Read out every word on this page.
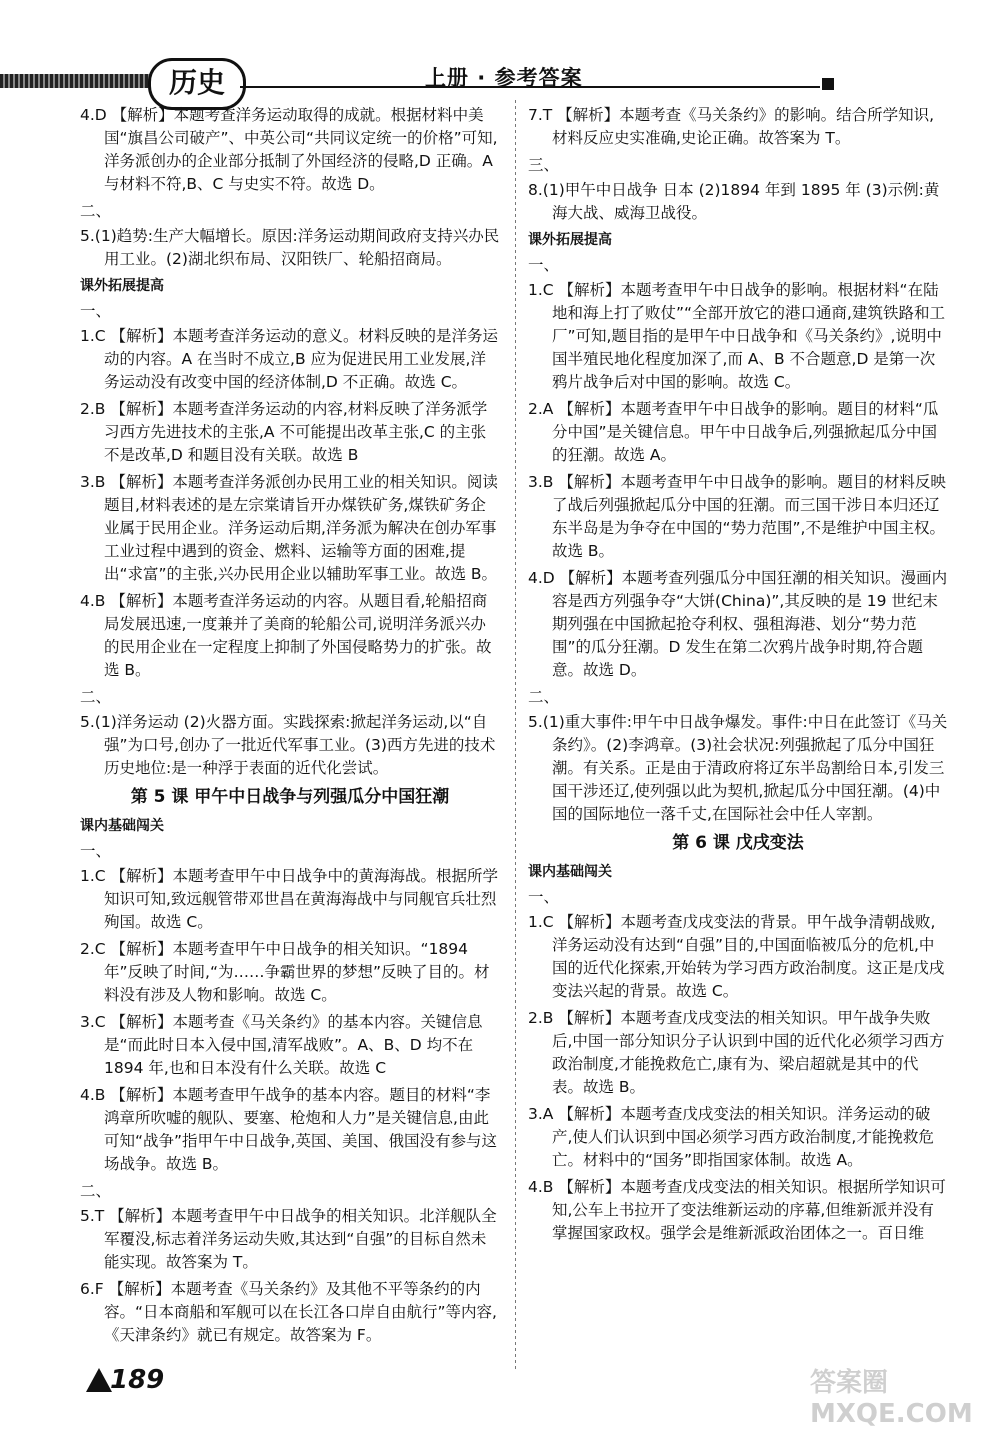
历史	上册 · 参考答案
4.D 【解析】本题考查洋务运动取得的成就。根据材料中美国“旗昌公司破产”、中英公司“共同议定统一的价格”可知,洋务派创办的企业部分抵制了外国经济的侵略,D 正确。A 与材料不符,B、C 与史实不符。故选 D。
二、
5.(1)趋势:生产大幅增长。原因:洋务运动期间政府支持兴办民用工业。(2)湖北织布局、汉阳铁厂、轮船招商局。
课外拓展提高
一、
1.C 【解析】本题考查洋务运动的意义。材料反映的是洋务运动的内容。A 在当时不成立,B 应为促进民用工业发展,洋务运动没有改变中国的经济体制,D 不正确。故选 C。
2.B 【解析】本题考查洋务运动的内容,材料反映了洋务派学习西方先进技术的主张,A 不可能提出改革主张,C 的主张不是改革,D 和题目没有关联。故选 B
3.B 【解析】本题考查洋务派创办民用工业的相关知识。阅读题目,材料表述的是左宗棠请旨开办煤铁矿务,煤铁矿务企业属于民用企业。洋务运动后期,洋务派为解决在创办军事工业过程中遇到的资金、燃料、运输等方面的困难,提出“求富”的主张,兴办民用企业以辅助军事工业。故选 B。
4.B 【解析】本题考查洋务运动的内容。从题目看,轮船招商局发展迅速,一度兼并了美商的轮船公司,说明洋务派兴办的民用企业在一定程度上抑制了外国侵略势力的扩张。故选 B。
二、
5.(1)洋务运动 (2)火器方面。实践探索:掀起洋务运动,以“自强”为口号,创办了一批近代军事工业。(3)西方先进的技术 历史地位:是一种浮于表面的近代化尝试。
第 5 课 甲午中日战争与列强瓜分中国狂潮
课内基础闯关
一、
1.C 【解析】本题考查甲午中日战争中的黄海海战。根据所学知识可知,致远舰管带邓世昌在黄海海战中与同舰官兵壮烈殉国。故选 C。
2.C 【解析】本题考查甲午中日战争的相关知识。“1894 年”反映了时间,“为……争霸世界的梦想”反映了目的。材料没有涉及人物和影响。故选 C。
3.C 【解析】本题考查《马关条约》的基本内容。关键信息是“而此时日本入侵中国,清军战败”。A、B、D 均不在 1894 年,也和日本没有什么关联。故选 C
4.B 【解析】本题考查甲午战争的基本内容。题目的材料“李鸿章所吹嘘的舰队、要塞、枪炮和人力”是关键信息,由此可知“战争”指甲午中日战争,英国、美国、俄国没有参与这场战争。故选 B。
二、
5.T 【解析】本题考查甲午中日战争的相关知识。北洋舰队全军覆没,标志着洋务运动失败,其达到“自强”的目标自然未能实现。故答案为 T。
6.F 【解析】本题考查《马关条约》及其他不平等条约的内容。“日本商船和军舰可以在长江各口岸自由航行”等内容,《天津条约》就已有规定。故答案为 F。
7.T 【解析】本题考查《马关条约》的影响。结合所学知识,材料反应史实准确,史论正确。故答案为 T。
三、
8.(1)甲午中日战争 日本 (2)1894 年到 1895 年 (3)示例:黄海大战、威海卫战役。
课外拓展提高
一、
1.C 【解析】本题考查甲午中日战争的影响。根据材料“在陆地和海上打了败仗”“全部开放它的港口通商,建筑铁路和工厂”可知,题目指的是甲午中日战争和《马关条约》,说明中国半殖民地化程度加深了,而 A、B 不合题意,D 是第一次鸦片战争后对中国的影响。故选 C。
2.A 【解析】本题考查甲午中日战争的影响。题目的材料“瓜分中国”是关键信息。甲午中日战争后,列强掀起瓜分中国的狂潮。故选 A。
3.B 【解析】本题考查甲午中日战争的影响。题目的材料反映了战后列强掀起瓜分中国的狂潮。而三国干涉日本归还辽东半岛是为争夺在中国的“势力范围”,不是维护中国主权。故选 B。
4.D 【解析】本题考查列强瓜分中国狂潮的相关知识。漫画内容是西方列强争夺“大饼(China)”,其反映的是 19 世纪末期列强在中国掀起抢夺利权、强租海港、划分“势力范围”的瓜分狂潮。D 发生在第二次鸦片战争时期,符合题意。故选 D。
二、
5.(1)重大事件:甲午中日战争爆发。事件:中日在此签订《马关条约》。(2)李鸿章。(3)社会状况:列强掀起了瓜分中国狂潮。有关系。正是由于清政府将辽东半岛割给日本,引发三国干涉还辽,使列强以此为契机,掀起瓜分中国狂潮。(4)中国的国际地位一落千丈,在国际社会中任人宰割。
第 6 课 戊戌变法
课内基础闯关
一、
1.C 【解析】本题考查戊戌变法的背景。甲午战争清朝战败,洋务运动没有达到“自强”目的,中国面临被瓜分的危机,中国的近代化探索,开始转为学习西方政治制度。这正是戊戌变法兴起的背景。故选 C。
2.B 【解析】本题考查戊戌变法的相关知识。甲午战争失败后,中国一部分知识分子认识到中国的近代化必须学习西方政治制度,才能挽救危亡,康有为、梁启超就是其中的代表。故选 B。
3.A 【解析】本题考查戊戌变法的相关知识。洋务运动的破产,使人们认识到中国必须学习西方政治制度,才能挽救危亡。材料中的“国务”即指国家体制。故选 A。
4.B 【解析】本题考查戊戌变法的相关知识。根据所学知识可知,公车上书拉开了变法维新运动的序幕,但维新派并没有掌握国家政权。强学会是维新派政治团体之一。百日维
189	答案圈 MXQE.COM
